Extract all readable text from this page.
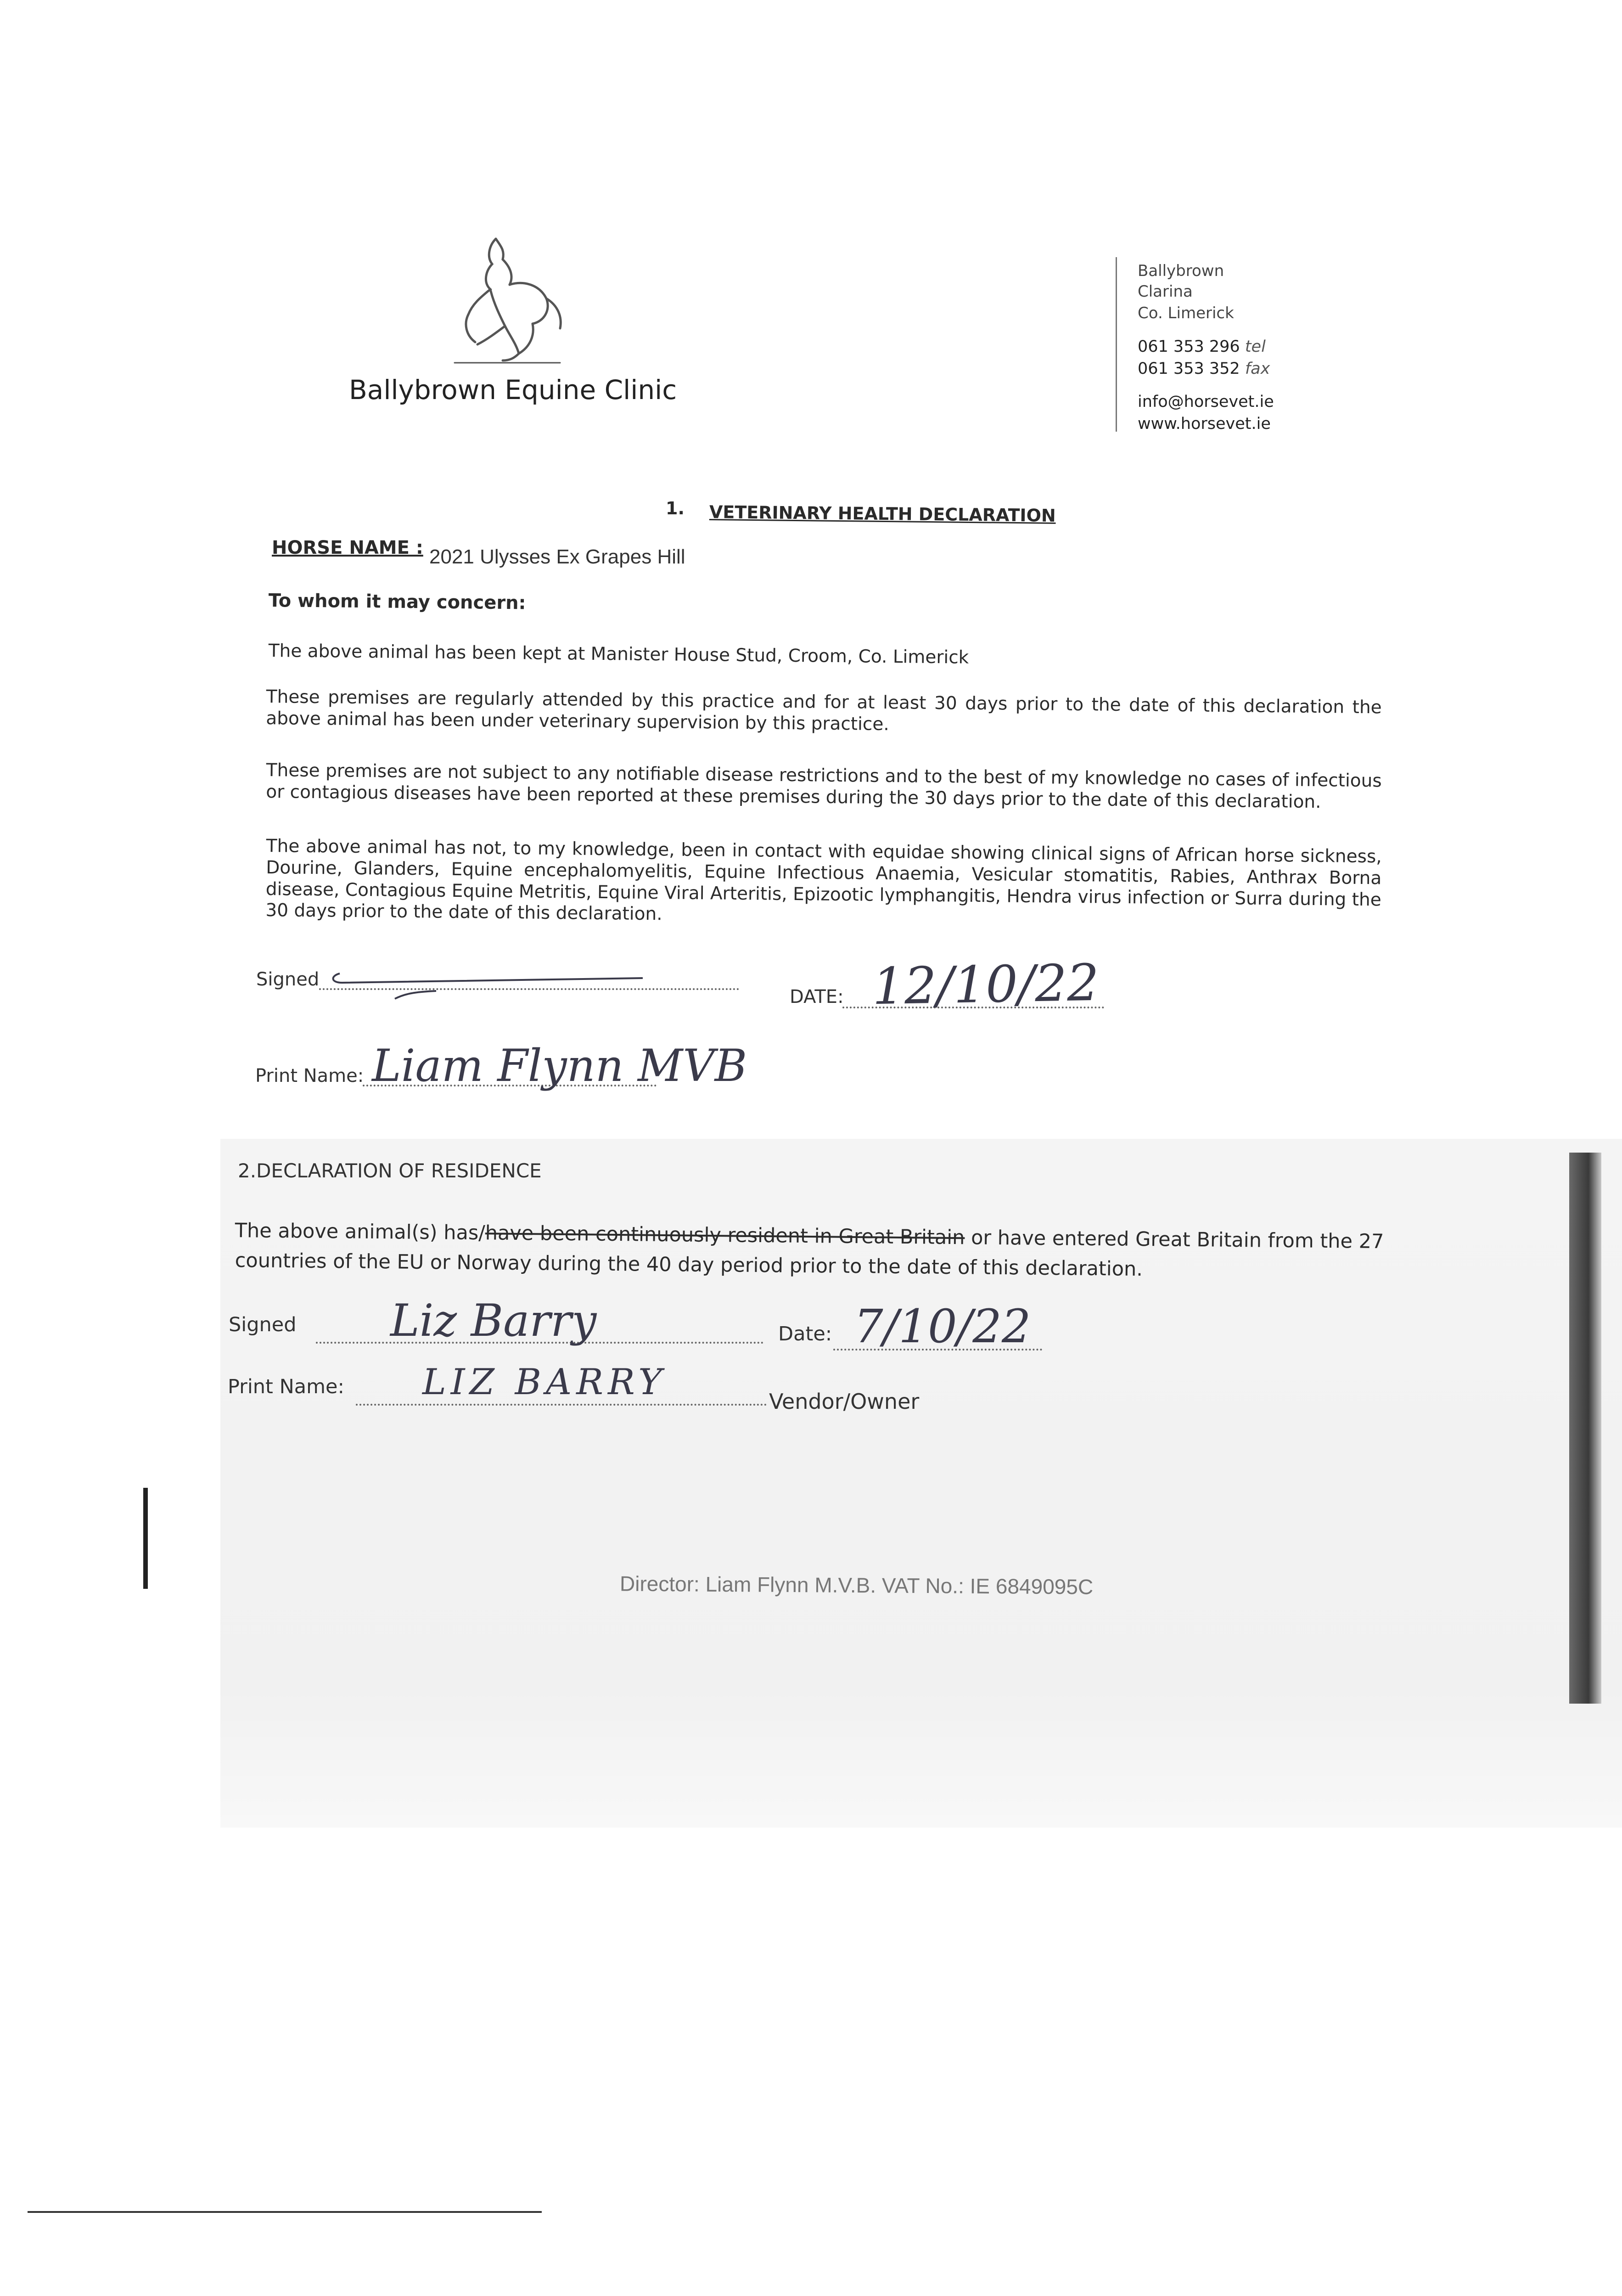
Ballybrown Equine Clinic
Ballybrown
Clarina
Co. Limerick
061 353 296 tel
061 353 352 fax
info@horsevet.ie
www.horsevet.ie
1. VETERINARY HEALTH DECLARATION
HORSE NAME : 2021 Ulysses Ex Grapes Hill
To whom it may concern:
The above animal has been kept at Manister House Stud, Croom, Co. Limerick
These premises are regularly attended by this practice and for at least 30 days prior to the date of this declaration the above animal has been under veterinary supervision by this practice.
These premises are not subject to any notifiable disease restrictions and to the best of my knowledge no cases of infectious or contagious diseases have been reported at these premises during the 30 days prior to the date of this declaration.
The above animal has not, to my knowledge, been in contact with equidae showing clinical signs of African horse sickness, Dourine, Glanders, Equine encephalomyelitis, Equine Infectious Anaemia, Vesicular stomatitis, Rabies, Anthrax Borna disease, Contagious Equine Metritis, Equine Viral Arteritis, Epizootic lymphangitis, Hendra virus infection or Surra during the 30 days prior to the date of this declaration.
Signed
DATE: 12/10/22
Print Name: Liam Flynn MVB
2.DECLARATION OF RESIDENCE
The above animal(s) has/have been continuously resident in Great Britain or have entered Great Britain from the 27
countries of the EU or Norway during the 40 day period prior to the date of this declaration.
Signed Liz Barry	Date: 7/10/22
Print Name: LIZ BARRY	Vendor/Owner
Director: Liam Flynn M.V.B. VAT No.: IE 6849095C
